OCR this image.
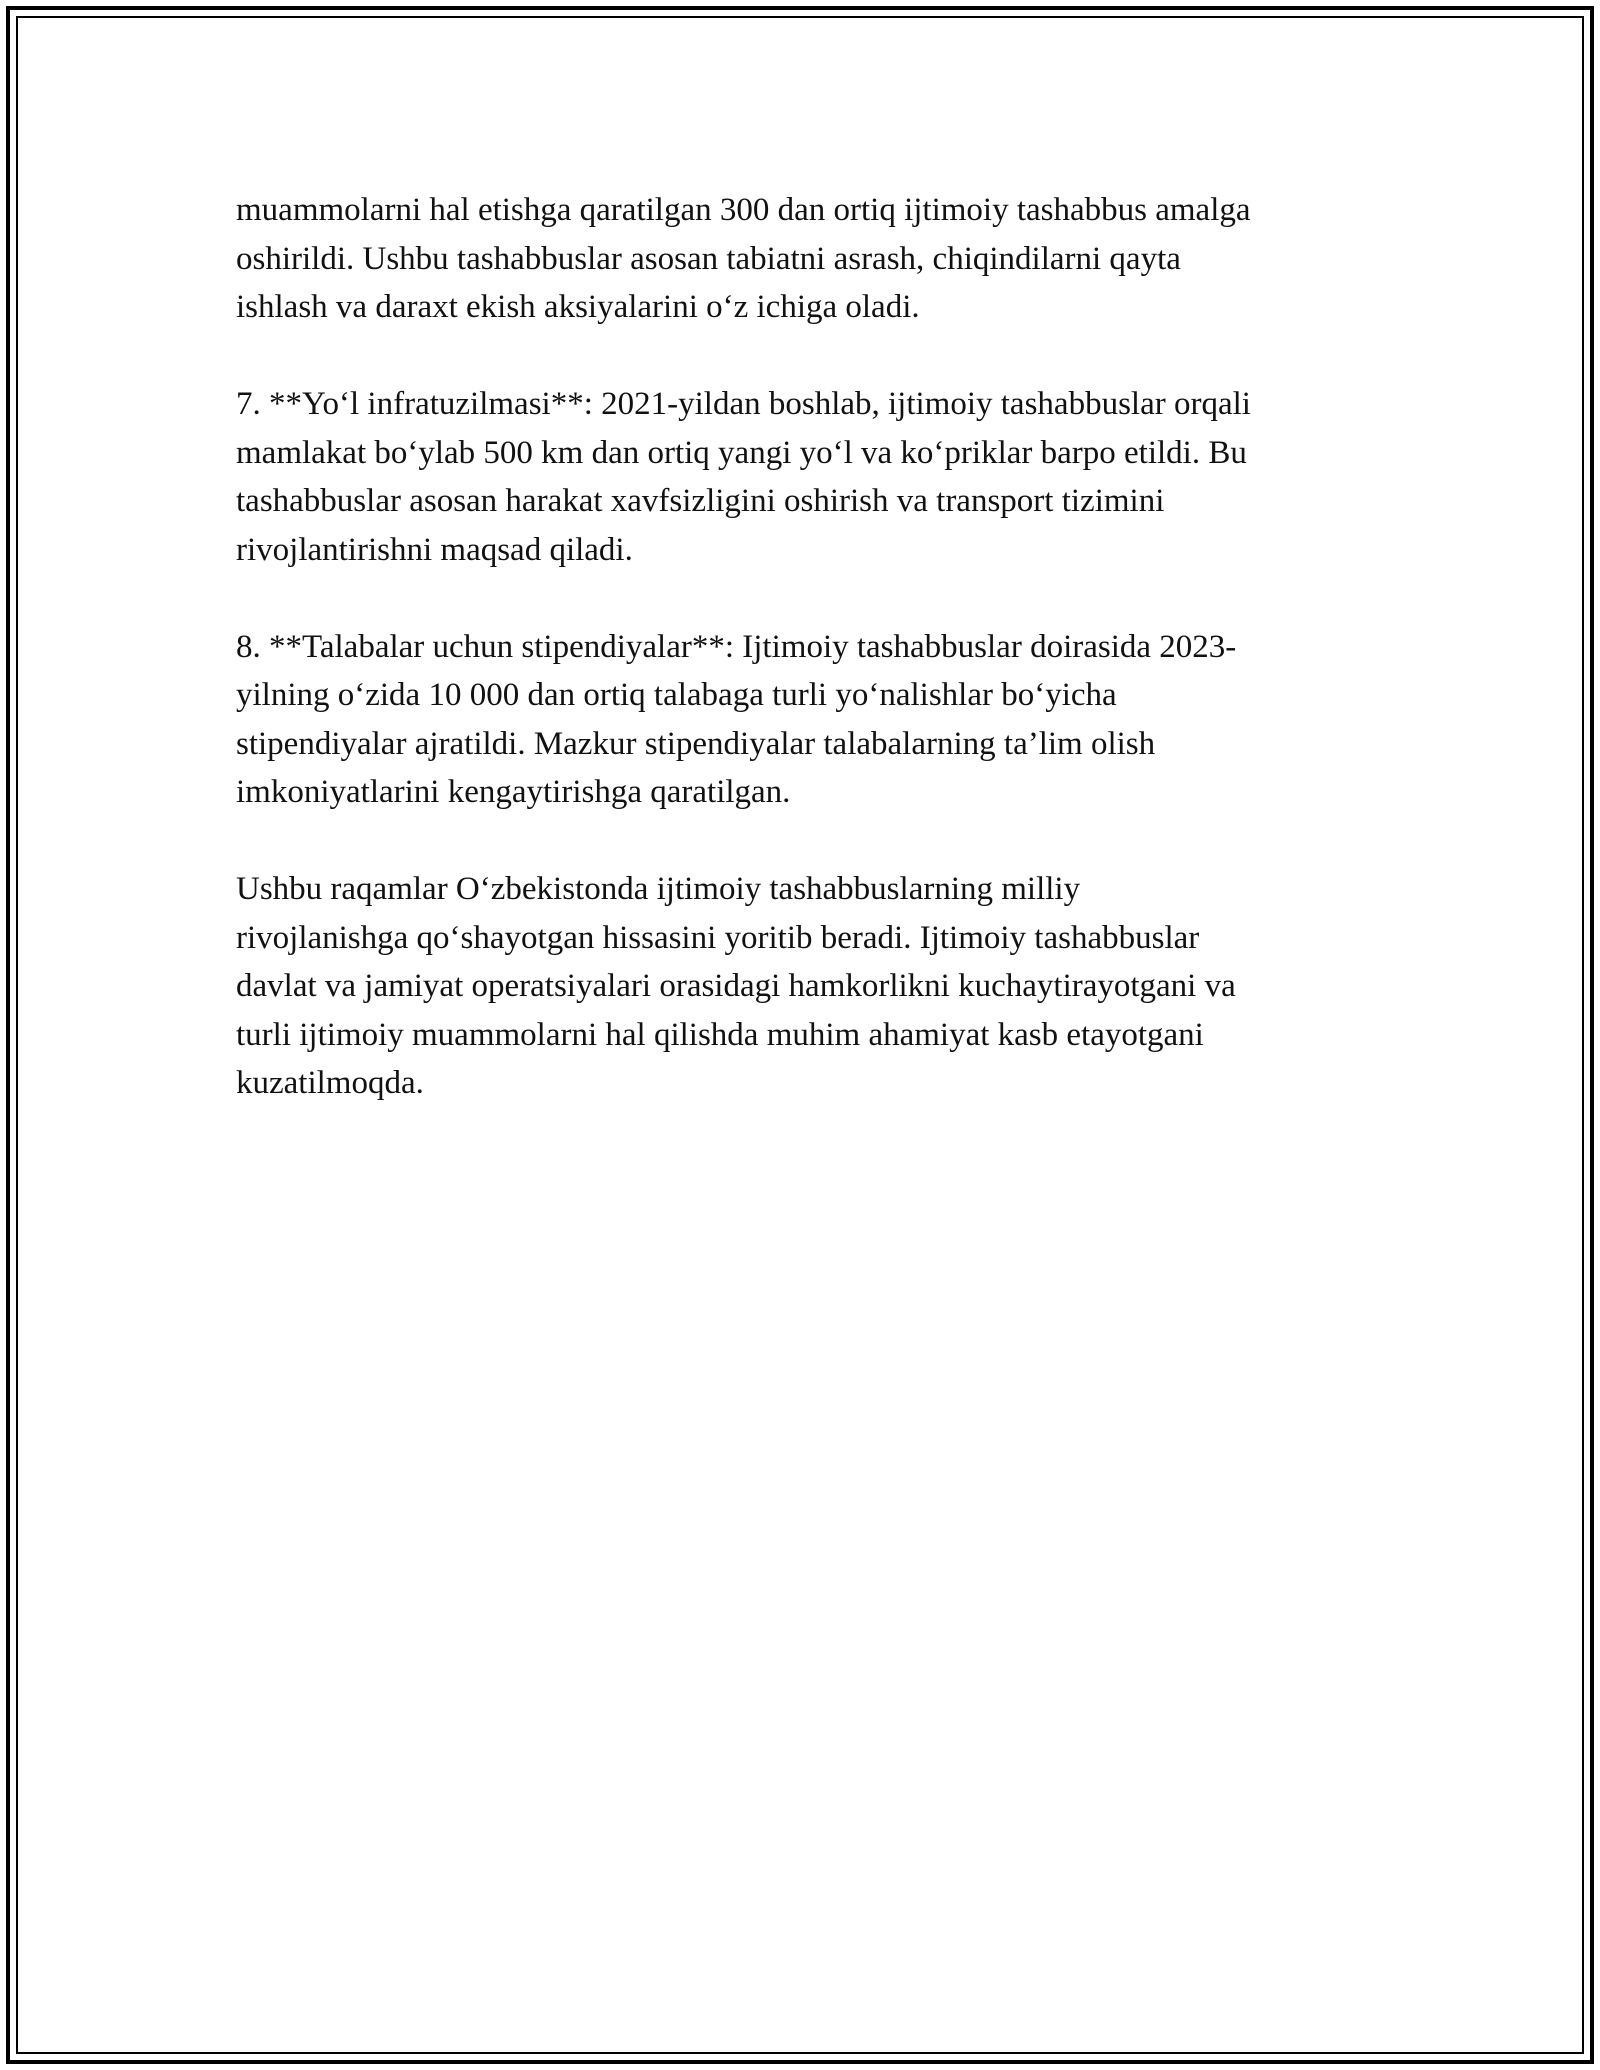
muammolarni hal etishga qaratilgan 300 dan ortiq ijtimoiy tashabbus amalga
oshirildi. Ushbu tashabbuslar asosan tabiatni asrash, chiqindilarni qayta
ishlash va daraxt ekish aksiyalarini o‘z ichiga oladi.

7. **Yo‘l infratuzilmasi**: 2021-yildan boshlab, ijtimoiy tashabbuslar orqali
mamlakat bo‘ylab 500 km dan ortiq yangi yo‘l va ko‘priklar barpo etildi. Bu
tashabbuslar asosan harakat xavfsizligini oshirish va transport tizimini
rivojlantirishni maqsad qiladi.

8. **Talabalar uchun stipendiyalar**: Ijtimoiy tashabbuslar doirasida 2023-
yilning o‘zida 10 000 dan ortiq talabaga turli yo‘nalishlar bo‘yicha
stipendiyalar ajratildi. Mazkur stipendiyalar talabalarning ta’lim olish
imkoniyatlarini kengaytirishga qaratilgan.

Ushbu raqamlar O‘zbekistonda ijtimoiy tashabbuslarning milliy
rivojlanishga qo‘shayotgan hissasini yoritib beradi. Ijtimoiy tashabbuslar
davlat va jamiyat operatsiyalari orasidagi hamkorlikni kuchaytirayotgani va
turli ijtimoiy muammolarni hal qilishda muhim ahamiyat kasb etayotgani
kuzatilmoqda.
